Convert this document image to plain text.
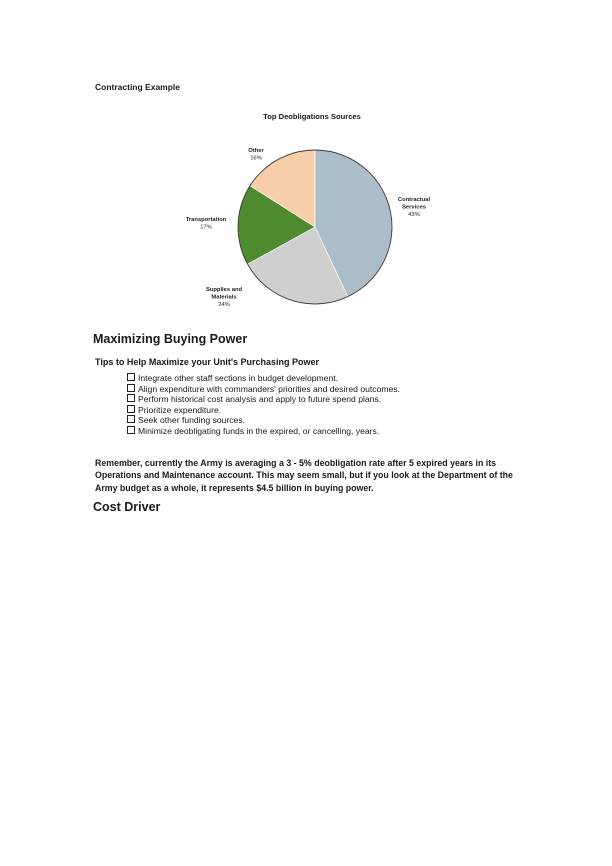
Contracting Example
Top Deobligations Sources
Contractual Services 43%
Supplies and Materials 24%
Transportation 17%
Other 16%
Maximizing Buying Power
Tips to Help Maximize your Unit's Purchasing Power
Integrate other staff sections in budget development.
Align expenditure with commanders' priorities and desired outcomes.
Perform historical cost analysis and apply to future spend plans.
Prioritize expenditure.
Seek other funding sources.
Minimize deobligating funds in the expired, or cancelling, years.
Remember, currently the Army is averaging a 3 - 5% deobligation rate after 5 expired years in its Operations and Maintenance account. This may seem small, but if you look at the Department of the Army budget as a whole, it represents $4.5 billion in buying power.
Cost Driver
